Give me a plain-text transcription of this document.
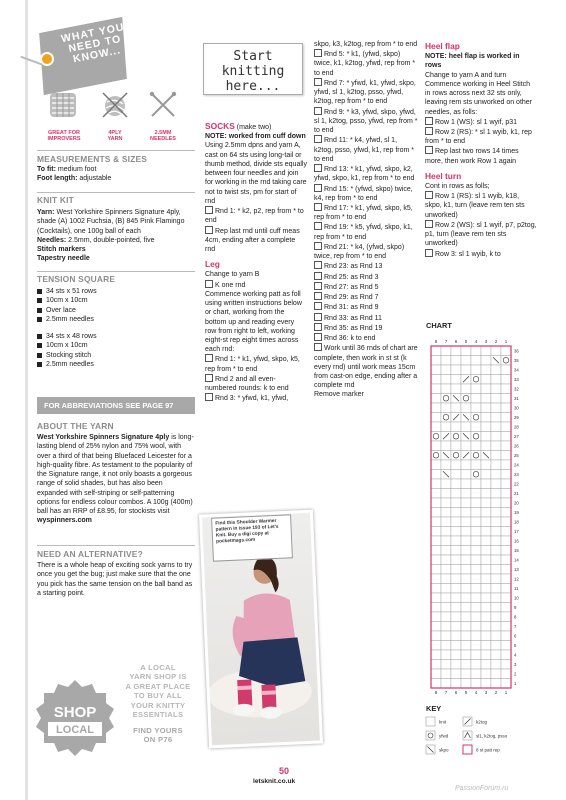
WHAT YOU NEED TO KNOW...
GREAT FOR
IMPROVERS
4PLY
YARN
2.5MM
NEEDLES
MEASUREMENTS & SIZES
To fit: medium foot
Foot length: adjustable
KNIT KIT
Yarn: West Yorkshire Spinners Signature 4ply, shade (A) 1002 Fuchsia, (B) 845 Pink Flamingo (Cocktails), one 100g ball of each
Needles: 2.5mm, double-pointed, five
Stitch markers
Tapestry needle
TENSION SQUARE
34 sts x 51 rows
10cm x 10cm
Over lace
2.5mm needles
34 sts x 48 rows
10cm x 10cm
Stocking stitch
2.5mm needles
FOR ABBREVIATIONS SEE PAGE 97
ABOUT THE YARN
West Yorkshire Spinners Signature 4ply is long-lasting blend of 25% nylon and 75% wool, with over a third of that being Bluefaced Leicester for a high-quality fibre. As testament to the popularity of the Signature range, it not only boasts a gorgeous range of solid shades, but has also been expanded with self-striping or self-patterning options for endless colour combos. A 100g (400m) ball has an RRP of £8.95, for stockists visit wyspinners.com
NEED AN ALTERNATIVE?
There is a whole heap of exciting sock yarns to try once you get the bug; just make sure that the one you pick has the same tension on the ball band as a starting point.
SHOP
LOCAL
A LOCAL
YARN SHOP IS
A GREAT PLACE
TO BUY ALL
YOUR KNITTY
ESSENTIALS
FIND YOURS
ON P76
Start
knitting
here...
SOCKS (make two)
NOTE: worked from cuff down
Using 2.5mm dpns and yarn A, cast on 64 sts using long-tail or thumb method, divide sts equally between four needles and join for working in the rnd taking care not to twist sts, pm for start of rnd
Rnd 1: * k2, p2, rep from * to end
Rep last rnd until cuff meas 4cm, ending after a complete rnd
Leg
Change to yarn B
K one rnd
Commence working patt as foll using written instructions below or chart, working from the bottom up and reading every row from right to left, working eight-st rep eight times across each rnd:
Rnd 1: * k1, yfwd, skpo, k5, rep from * to end
Rnd 2 and all even-numbered rounds: k to end
Rnd 3: * yfwd, k1, yfwd,
skpo, k3, k2tog, rep from * to end
Rnd 5: * k1, (yfwd, skpo) twice, k1, k2tog, yfwd, rep from * to end
Rnd 7: * yfwd, k1, yfwd, skpo, yfwd, sl 1, k2tog, psso, yfwd, k2tog, rep from * to end
Rnd 9: * k3, yfwd, skpo, yfwd, sl 1, k2tog, psso, yfwd, rep from * to end
Rnd 11: * k4, yfwd, sl 1, k2tog, psso, yfwd, k1, rep from * to end
Rnd 13: * k1, yfwd, skpo, k2, yfwd, skpo, k1, rep from * to end
Rnd 15: * (yfwd, skpo) twice, k4, rep from * to end
Rnd 17: * k1, yfwd, skpo, k5, rep from * to end
Rnd 19: * k5, yfwd, skpo, k1, rep from * to end
Rnd 21: * k4, (yfwd, skpo) twice, rep from * to end
Rnd 23: as Rnd 13
Rnd 25: as Rnd 3
Rnd 27: as Rnd 5
Rnd 29: as Rnd 7
Rnd 31: as Rnd 9
Rnd 33: as Rnd 11
Rnd 35: as Rnd 19
Rnd 36: k to end
Work until 36 rnds of chart are complete, then work in st st (k every rnd) until work meas 15cm from cast-on edge, ending after a complete rnd
Remove marker
Find this Shoulder Warmer pattern in issue 193 of Let's Knit. Buy a digi copy at pocketmags.com
Heel flap
NOTE: heel flap is worked in rows
Change to yarn A and turn Commence working in Heel Stitch in rows across next 32 sts only, leaving rem sts unworked on other needles, as folls:
Row 1 (WS): sl 1 wyif, p31
Row 2 (RS): * sl 1 wyib, k1, rep from * to end
Rep last two rows 14 times more, then work Row 1 again
Heel turn
Cont in rows as folls;
Row 1 (RS): sl 1 wyib, k18, skpo, k1, turn (leave rem ten sts unworked)
Row 2 (WS): sl 1 wyif, p7, p2tog, p1, turn (leave rem ten sts unworked)
Row 3: sl 1 wyib, k to
CHART
8
8
7
7
6
6
5
5
4
4
3
3
2
2
1
1
36
35
34
33
32
31
30
29
28
27
26
25
24
23
22
21
20
19
18
17
16
15
14
13
12
11
10
9
8
7
6
5
4
3
2
1
KEY
knit
yfwd
skpo
k2tog
sl1, k2tog, psso
8 st patt rep
50
letsknit.co.uk
PassionForum.ru
